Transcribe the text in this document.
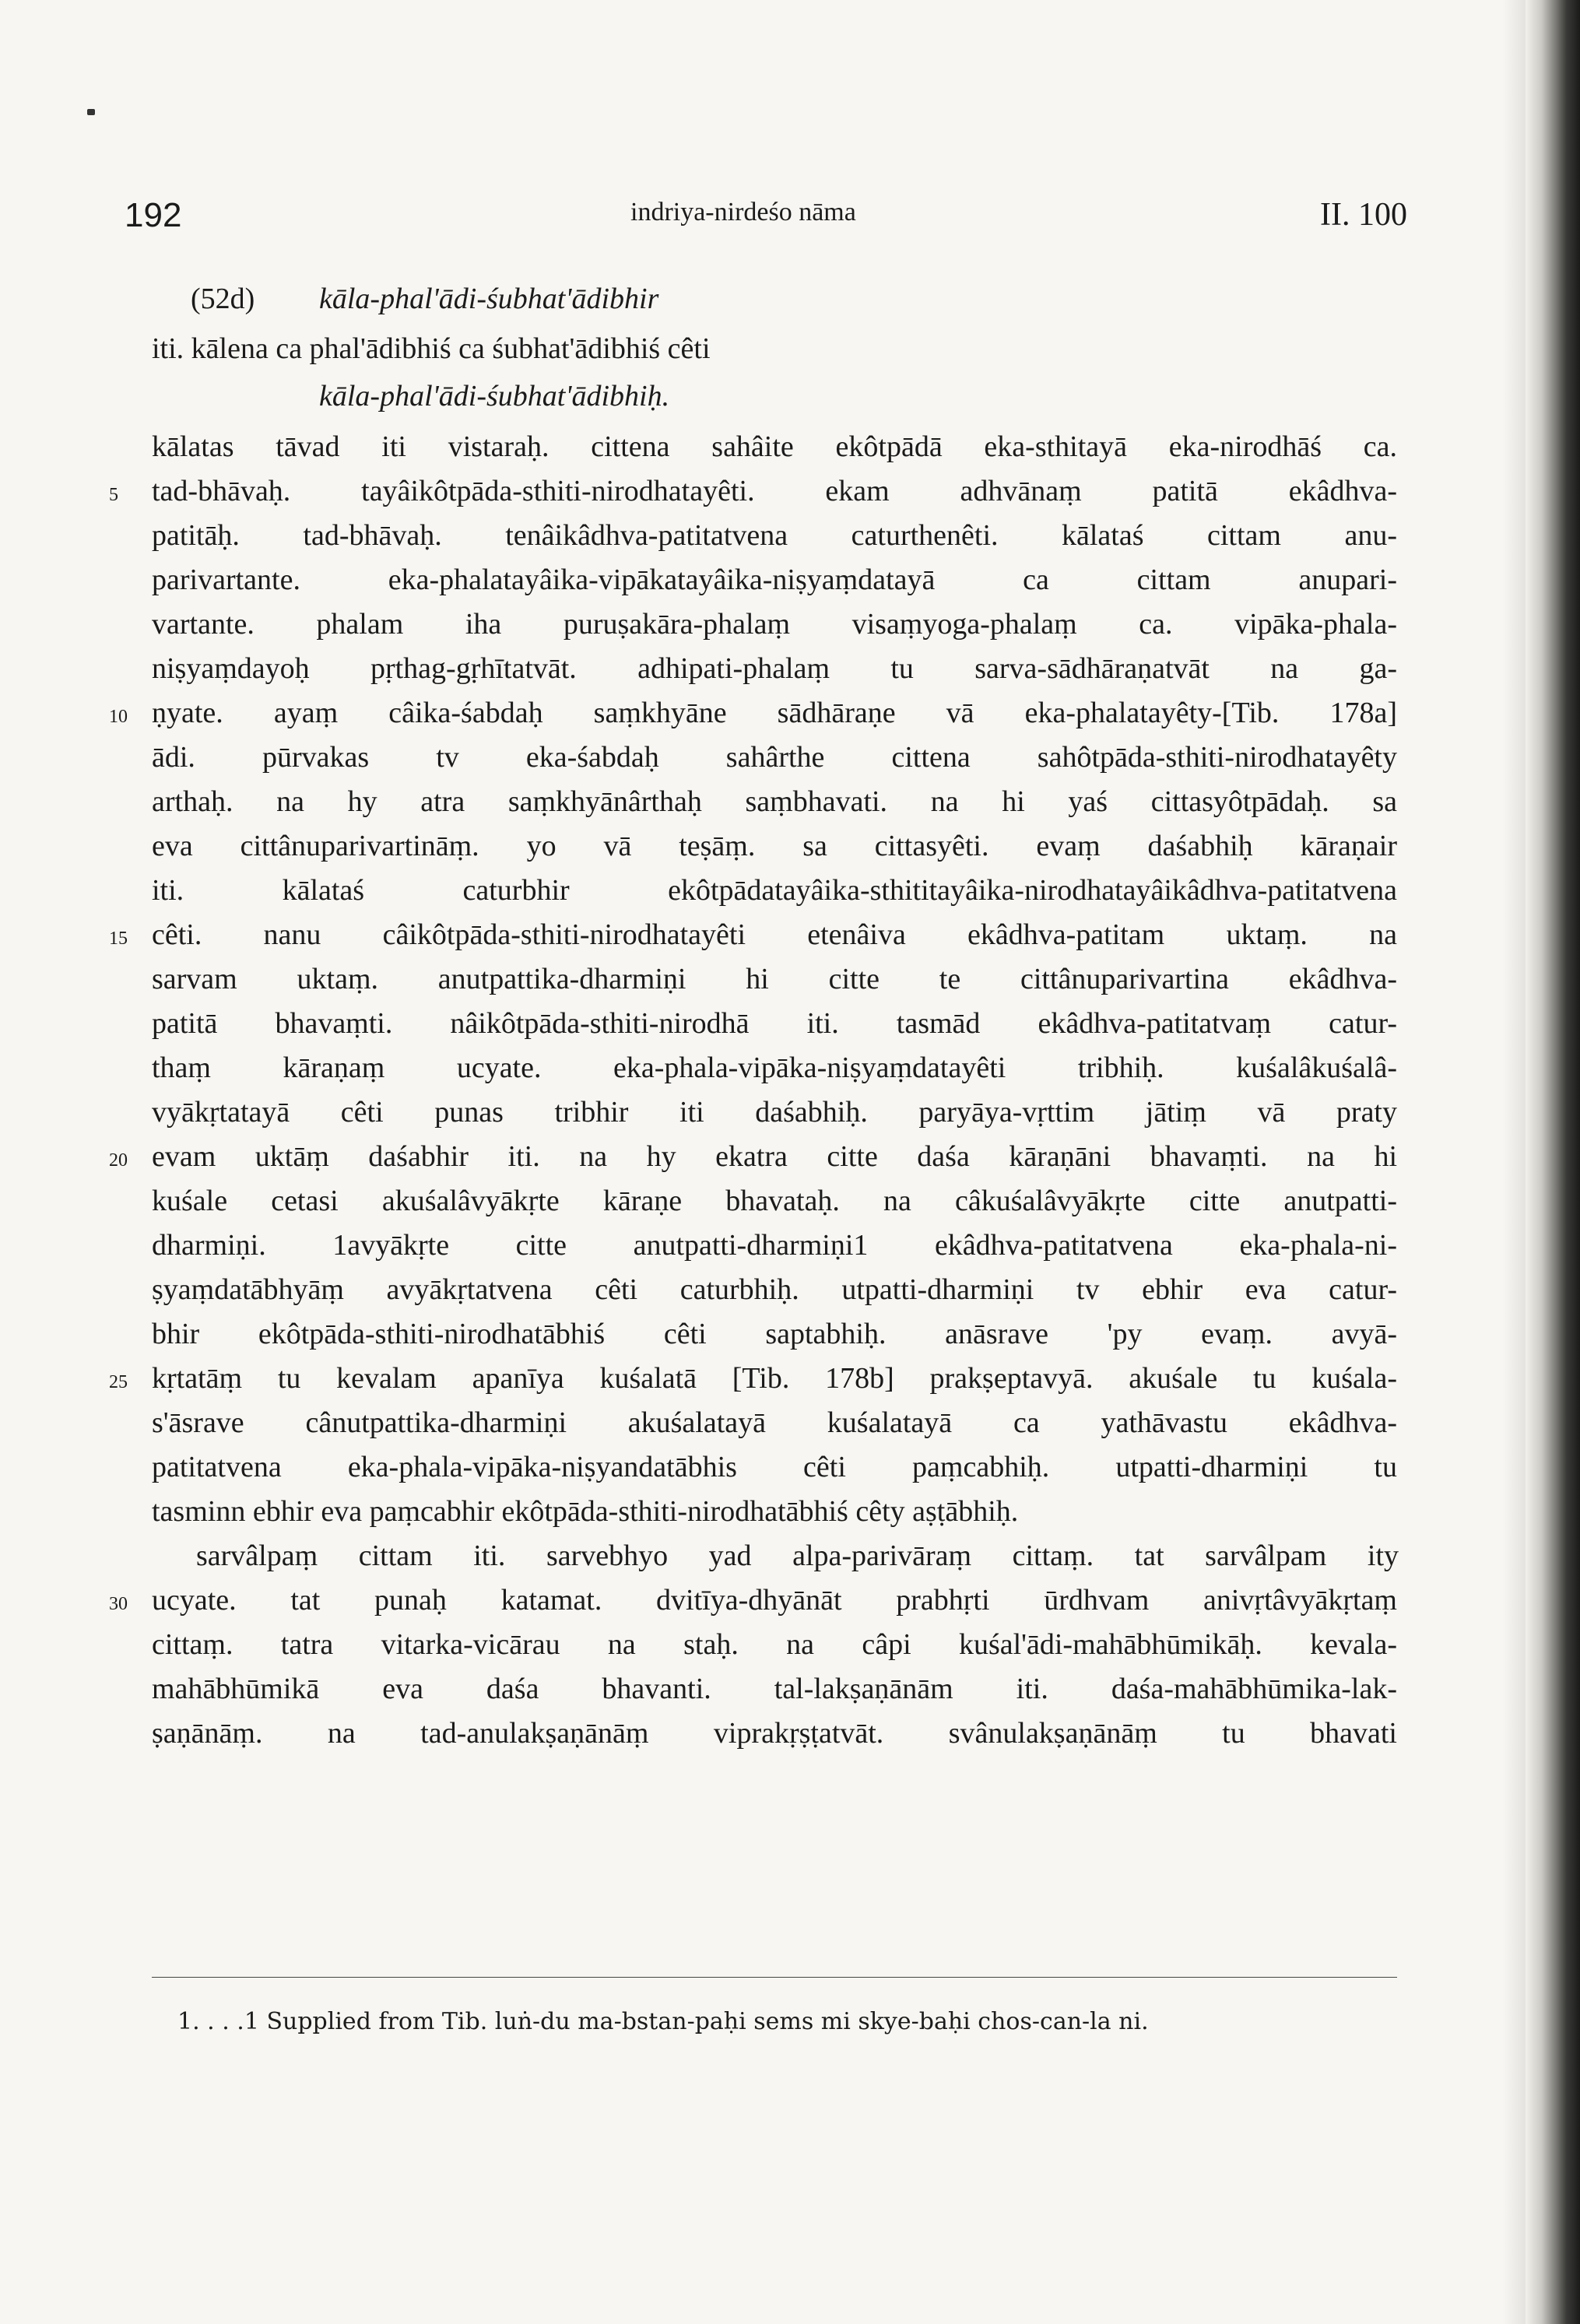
192	indriya-nirdeśo nāma	II. 100
(52d) kāla-phal'ādi-śubhat'ādibhir
iti. kālena ca phal'ādibhiś ca śubhat'ādibhiś cêti
kāla-phal'ādi-śubhat'ādibhiḥ.
kālatas tāvad iti vistaraḥ. cittena sahâite ekôtpādā eka-sthitayā eka-nirodhāś ca.
tad-bhāvaḥ. tayâikôtpāda-sthiti-nirodhatayêti. ekam adhvānaṃ patitā ekâdhva-
patitāḥ. tad-bhāvaḥ. tenâikâdhva-patitatvena caturthenêti. kālataś cittam anu-
parivartante. eka-phalatayâika-vipākatayâika-niṣyaṃdatayā ca cittam anupari-
vartante. phalam iha puruṣakāra-phalaṃ visaṃyoga-phalaṃ ca. vipāka-phala-
niṣyaṃdayoḥ pṛthag-gṛhītatvāt. adhipati-phalaṃ tu sarva-sādhāraṇatvāt na ga-
ṇyate. ayaṃ câika-śabdaḥ saṃkhyāne sādhāraṇe vā eka-phalatayêty-[Tib. 178a]
ādi. pūrvakas tv eka-śabdaḥ sahârthe cittena sahôtpāda-sthiti-nirodhatayêty
arthaḥ. na hy atra saṃkhyānârthaḥ saṃbhavati. na hi yaś cittasyôtpādaḥ. sa
eva cittânuparivartināṃ. yo vā teṣāṃ. sa cittasyêti. evaṃ daśabhiḥ kāraṇair
iti. kālataś caturbhir ekôtpādatayâika-sthititayâika-nirodhatayâikâdhva-patitatvena
cêti. nanu câikôtpāda-sthiti-nirodhatayêti etenâiva ekâdhva-patitam uktaṃ. na
sarvam uktaṃ. anutpattika-dharmiṇi hi citte te cittânuparivartina ekâdhva-
patitā bhavaṃti. nâikôtpāda-sthiti-nirodhā iti. tasmād ekâdhva-patitatvaṃ catur-
thaṃ kāraṇaṃ ucyate. eka-phala-vipāka-niṣyaṃdatayêti tribhiḥ. kuśalâkuśalâ-
vyākṛtatayā cêti punas tribhir iti daśabhiḥ. paryāya-vṛttim jātiṃ vā praty
evam uktāṃ daśabhir iti. na hy ekatra citte daśa kāraṇāni bhavaṃti. na hi
kuśale cetasi akuśalâvyākṛte kāraṇe bhavataḥ. na câkuśalâvyākṛte citte anutpatti-
dharmiṇi. 1avyākṛte citte anutpatti-dharmiṇi1 ekâdhva-patitatvena eka-phala-ni-
ṣyaṃdatābhyāṃ avyākṛtatvena cêti caturbhiḥ. utpatti-dharmiṇi tv ebhir eva catur-
bhir ekôtpāda-sthiti-nirodhatābhiś cêti saptabhiḥ. anāsrave 'py evaṃ. avyā-
kṛtatāṃ tu kevalam apanīya kuśalatā [Tib. 178b] prakṣeptavyā. akuśale tu kuśala-
s'āsrave cânutpattika-dharmiṇi akuśalatayā kuśalatayā ca yathāvastu ekâdhva-
patitatvena eka-phala-vipāka-niṣyandatābhis cêti paṃcabhiḥ. utpatti-dharmiṇi tu
tasminn ebhir eva paṃcabhir ekôtpāda-sthiti-nirodhatābhiś cêty aṣṭābhiḥ.
sarvâlpaṃ cittam iti. sarvebhyo yad alpa-parivāraṃ cittaṃ. tat sarvâlpam ity
ucyate. tat punaḥ katamat. dvitīya-dhyānāt prabhṛti ūrdhvam anivṛtâvyākṛtaṃ
cittaṃ. tatra vitarka-vicārau na staḥ. na câpi kuśal'ādi-mahābhūmikāḥ. kevala-
mahābhūmikā eva daśa bhavanti. tal-lakṣaṇānām iti. daśa-mahābhūmika-lak-
ṣaṇānāṃ. na tad-anulakṣaṇānāṃ viprakṛṣṭatvāt. svânulakṣaṇānāṃ tu bhavati
5
10
15
20
25
30
1. . . .1 Supplied from Tib. luṅ-du ma-bstan-paḥi sems mi skye-baḥi chos-can-la ni.
